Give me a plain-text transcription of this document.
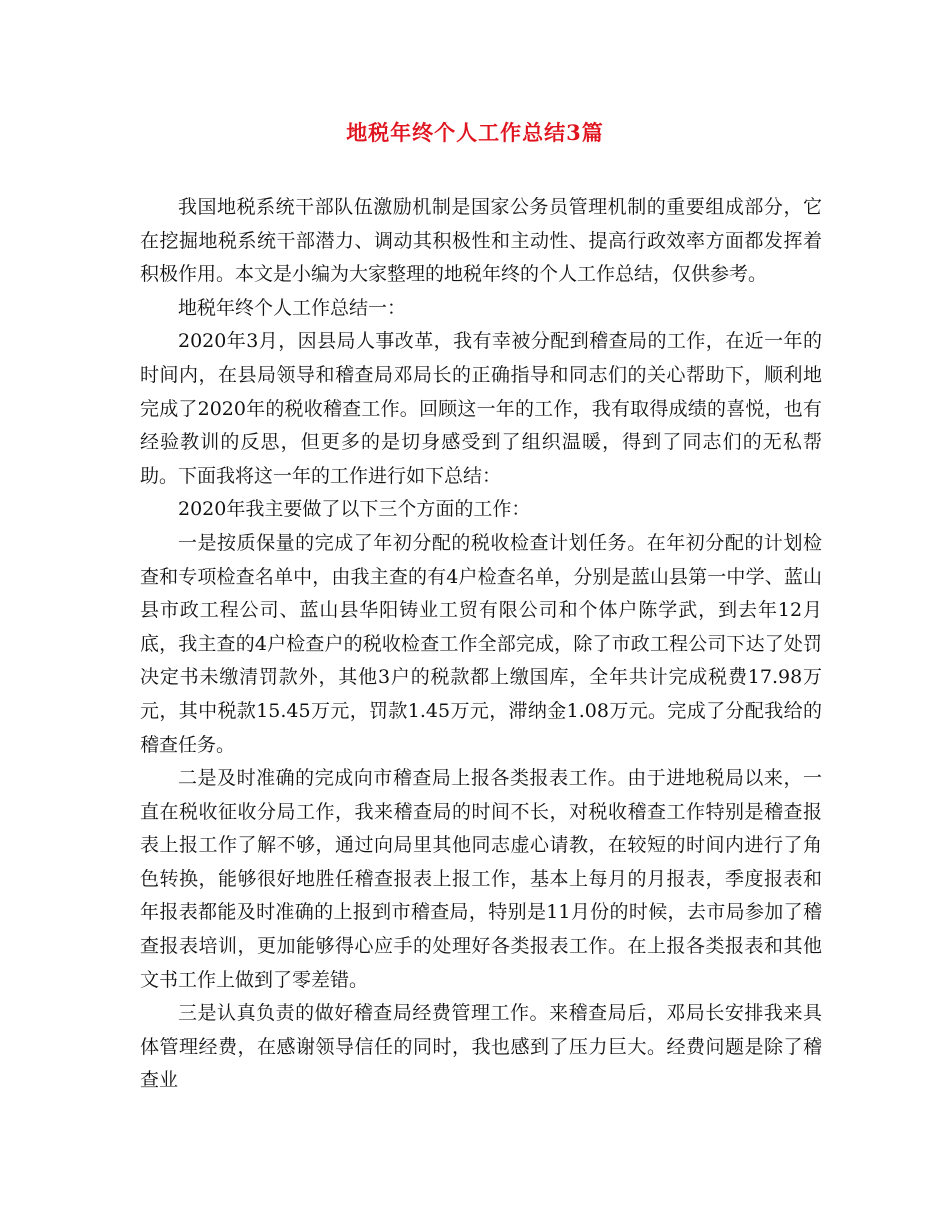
地税年终个人工作总结3篇

我国地税系统干部队伍激励机制是国家公务员管理机制的重要组成部分，它在挖掘地税系统干部潜力、调动其积极性和主动性、提高行政效率方面都发挥着积极作用。本文是小编为大家整理的地税年终的个人工作总结，仅供参考。

地税年终个人工作总结一：

2020年3月，因县局人事改革，我有幸被分配到稽查局的工作，在近一年的时间内，在县局领导和稽查局邓局长的正确指导和同志们的关心帮助下，顺利地完成了2020年的税收稽查工作。回顾这一年的工作，我有取得成绩的喜悦，也有经验教训的反思，但更多的是切身感受到了组织温暖，得到了同志们的无私帮助。下面我将这一年的工作进行如下总结：

2020年我主要做了以下三个方面的工作：

一是按质保量的完成了年初分配的税收检查计划任务。在年初分配的计划检查和专项检查名单中，由我主查的有4户检查名单，分别是蓝山县第一中学、蓝山县市政工程公司、蓝山县华阳铸业工贸有限公司和个体户陈学武，到去年12月底，我主查的4户检查户的税收检查工作全部完成，除了市政工程公司下达了处罚决定书未缴清罚款外，其他3户的税款都上缴国库，全年共计完成税费17.98万元，其中税款15.45万元，罚款1.45万元，滞纳金1.08万元。完成了分配我给的稽查任务。

二是及时准确的完成向市稽查局上报各类报表工作。由于进地税局以来，一直在税收征收分局工作，我来稽查局的时间不长，对税收稽查工作特别是稽查报表上报工作了解不够，通过向局里其他同志虚心请教，在较短的时间内进行了角色转换，能够很好地胜任稽查报表上报工作，基本上每月的月报表，季度报表和年报表都能及时准确的上报到市稽查局，特别是11月份的时候，去市局参加了稽查报表培训，更加能够得心应手的处理好各类报表工作。在上报各类报表和其他文书工作上做到了零差错。

三是认真负责的做好稽查局经费管理工作。来稽查局后，邓局长安排我来具体管理经费，在感谢领导信任的同时，我也感到了压力巨大。经费问题是除了稽查业
